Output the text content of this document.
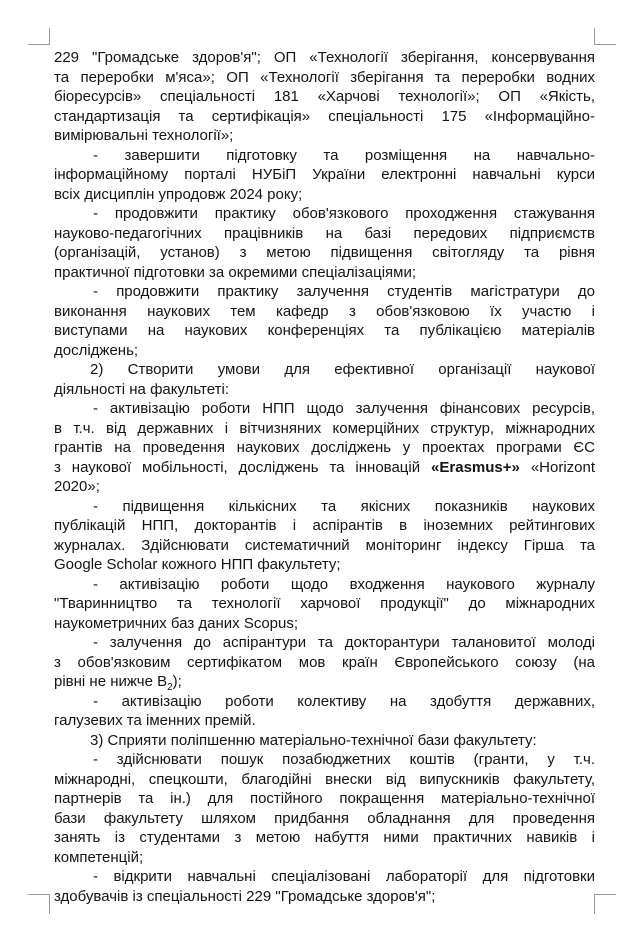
229 "Громадське здоров'я"; ОП «Технології зберігання, консервування
та переробки м'яса»; ОП «Технології зберігання та переробки водних
біоресурсів» спеціальності 181 «Харчові технології»; ОП «Якість,
стандартизація та сертифікація» спеціальності 175 «Інформаційно-
вимірювальні технології»;
- завершити підготовку та розміщення на навчально-
інформаційному порталі НУБіП України електронні навчальні курси
всіх дисциплін упродовж 2024 року;
- продовжити практику обов'язкового проходження стажування
науково-педагогічних працівників на базі передових підприємств
(організацій, установ) з метою підвищення світогляду та рівня
практичної підготовки за окремими спеціалізаціями;
- продовжити практику залучення студентів магістратури до
виконання наукових тем кафедр з обов'язковою їх участю і
виступами на наукових конференціях та публікацією матеріалів
досліджень;
2) Створити умови для ефективної організації наукової
діяльності на факультеті:
- активізацію роботи НПП щодо залучення фінансових ресурсів,
в т.ч. від державних і вітчизняних комерційних структур, міжнародних
грантів на проведення наукових досліджень у проектах програми ЄС
з наукової мобільності, досліджень та інновацій «Erasmus+» «Horizont
2020»;
- підвищення кількісних та якісних показників наукових
публікацій НПП, докторантів і аспірантів в іноземних рейтингових
журналах. Здійснювати систематичний моніторинг індексу Гірша та
Google Scholar кожного НПП факультету;
- активізацію роботи щодо входження наукового журналу
"Тваринництво та технології харчової продукції" до міжнародних
наукометричних баз даних Scopus;
- залучення до аспірантури та докторантури талановитої молоді
з обов'язковим сертифікатом мов країн Європейського союзу (на
рівні не нижче $В_2$);
- активізацію роботи колективу на здобуття державних,
галузевих та іменних премій.
3) Сприяти поліпшенню матеріально-технічної бази факультету:
- здійснювати пошук позабюджетних коштів (гранти, у т.ч.
міжнародні, спецкошти, благодійні внески від випускників факультету,
партнерів та ін.) для постійного покращення матеріально-технічної
бази факультету шляхом придбання обладнання для проведення
занять із студентами з метою набуття ними практичних навиків і
компетенцій;
- відкрити навчальні спеціалізовані лабораторії для підготовки
здобувачів із спеціальності 229 "Громадське здоров'я";
